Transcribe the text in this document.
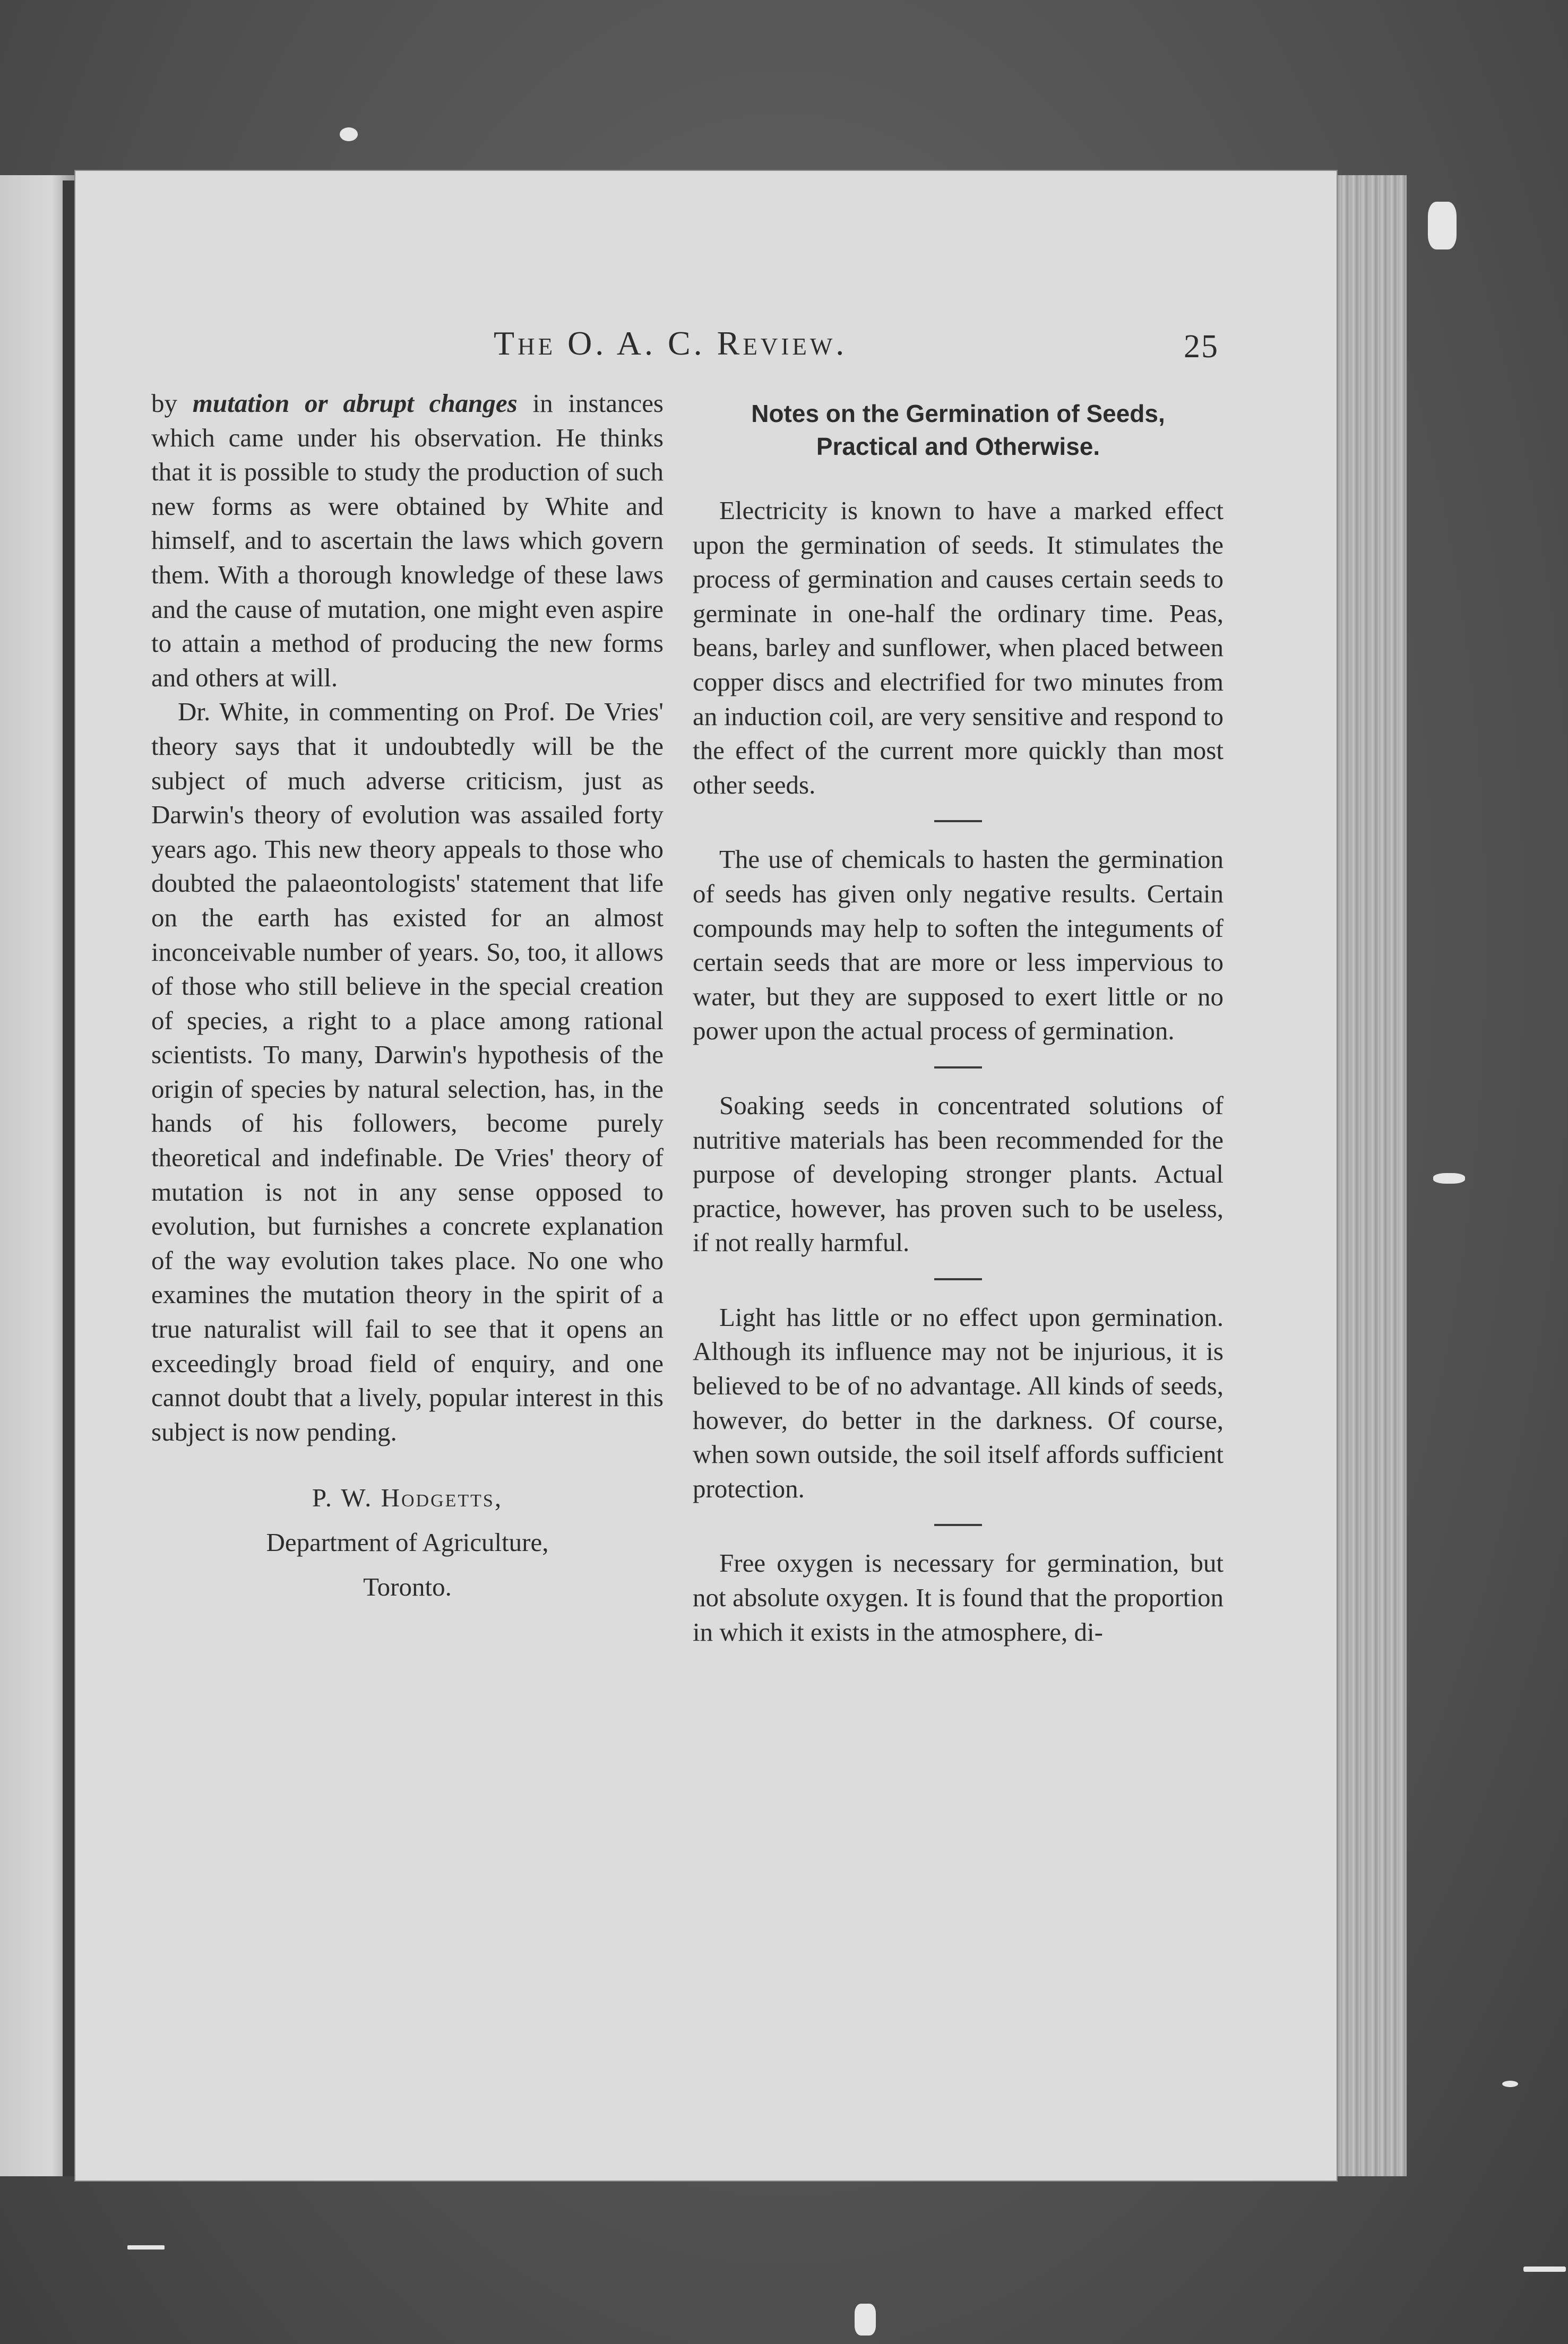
The O. A. C. Review.	25

by mutation or abrupt changes in instances which came under his observation. He thinks that it is possible to study the production of such new forms as were obtained by White and himself, and to ascertain the laws which govern them. With a thorough knowledge of these laws and the cause of mutation, one might even aspire to attain a method of producing the new forms and others at will.

Dr. White, in commenting on Prof. De Vries' theory says that it undoubtedly will be the subject of much adverse criticism, just as Darwin's theory of evolution was assailed forty years ago. This new theory appeals to those who doubted the palaeontologists' statement that life on the earth has existed for an almost inconceivable number of years. So, too, it allows of those who still believe in the special creation of species, a right to a place among rational scientists. To many, Darwin's hypothesis of the origin of species by natural selection, has, in the hands of his followers, become purely theoretical and indefinable. De Vries' theory of mutation is not in any sense opposed to evolution, but furnishes a concrete explanation of the way evolution takes place. No one who examines the mutation theory in the spirit of a true naturalist will fail to see that it opens an exceedingly broad field of enquiry, and one cannot doubt that a lively, popular interest in this subject is now pending.

P. W. Hodgetts,
Department of Agriculture,
Toronto.
Notes on the Germination of Seeds,
Practical and Otherwise.

Electricity is known to have a marked effect upon the germination of seeds. It stimulates the process of germination and causes certain seeds to germinate in one-half the ordinary time. Peas, beans, barley and sunflower, when placed between copper discs and electrified for two minutes from an induction coil, are very sensitive and respond to the effect of the current more quickly than most other seeds.

The use of chemicals to hasten the germination of seeds has given only negative results. Certain compounds may help to soften the integuments of certain seeds that are more or less impervious to water, but they are supposed to exert little or no power upon the actual process of germination.

Soaking seeds in concentrated solutions of nutritive materials has been recommended for the purpose of developing stronger plants. Actual practice, however, has proven such to be useless, if not really harmful.

Light has little or no effect upon germination. Although its influence may not be injurious, it is believed to be of no advantage. All kinds of seeds, however, do better in the darkness. Of course, when sown outside, the soil itself affords sufficient protection.

Free oxygen is necessary for germination, but not absolute oxygen. It is found that the proportion in which it exists in the atmosphere, di-
